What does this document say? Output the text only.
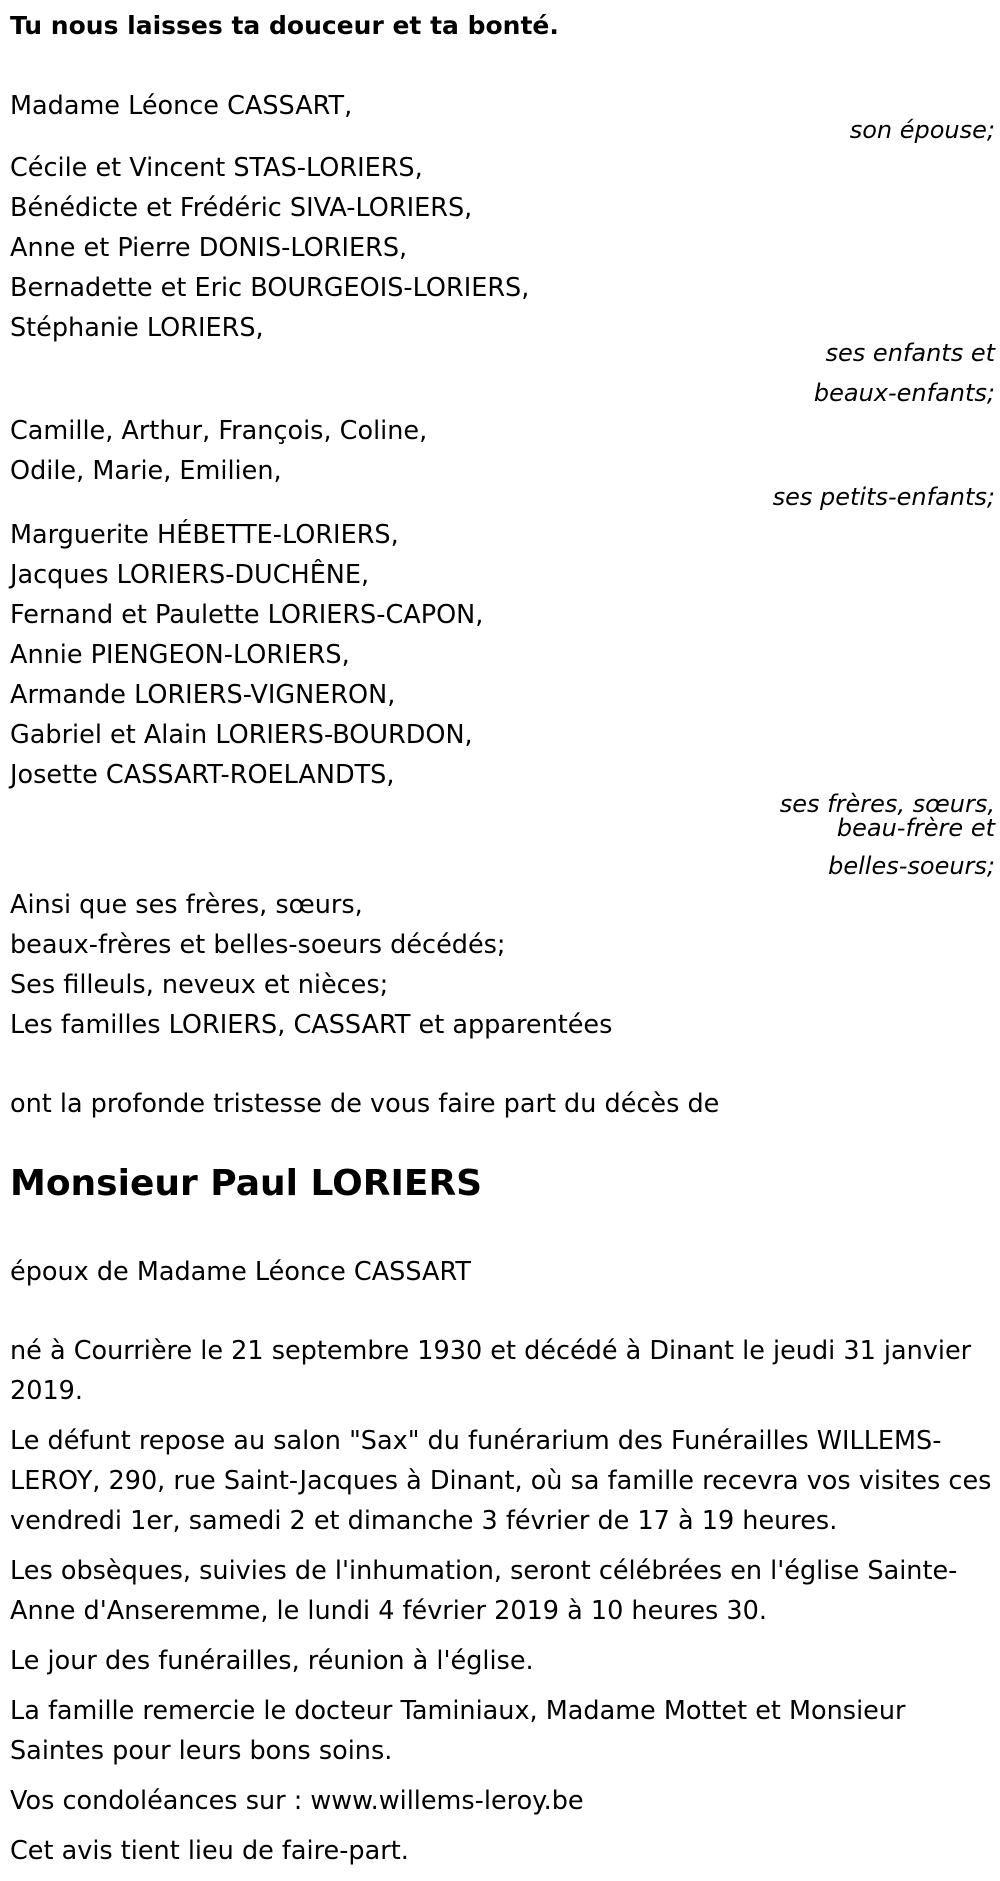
Tu nous laisses ta douceur et ta bonté.
Madame Léonce CASSART,
son épouse;
Cécile et Vincent STAS-LORIERS,
Bénédicte et Frédéric SIVA-LORIERS,
Anne et Pierre DONIS-LORIERS,
Bernadette et Eric BOURGEOIS-LORIERS,
Stéphanie LORIERS,
ses enfants et
beaux-enfants;
Camille, Arthur, François, Coline,
Odile, Marie, Emilien,
ses petits-enfants;
Marguerite HÉBETTE-LORIERS,
Jacques LORIERS-DUCHÊNE,
Fernand et Paulette LORIERS-CAPON,
Annie PIENGEON-LORIERS,
Armande LORIERS-VIGNERON,
Gabriel et Alain LORIERS-BOURDON,
Josette CASSART-ROELANDTS,
ses frères, sœurs,
beau-frère et
belles-soeurs;
Ainsi que ses frères, sœurs,
beaux-frères et belles-soeurs décédés;
Ses filleuls, neveux et nièces;
Les familles LORIERS, CASSART et apparentées
ont la profonde tristesse de vous faire part du décès de
Monsieur Paul LORIERS
époux de Madame Léonce CASSART
né à Courrière le 21 septembre 1930 et décédé à Dinant le jeudi 31 janvier 2019.
Le défunt repose au salon "Sax" du funérarium des Funérailles WILLEMS-LEROY, 290, rue Saint-Jacques à Dinant, où sa famille recevra vos visites ces vendredi 1er, samedi 2 et dimanche 3 février de 17 à 19 heures.
Les obsèques, suivies de l'inhumation, seront célébrées en l'église Sainte-Anne d'Anseremme, le lundi 4 février 2019 à 10 heures 30.
Le jour des funérailles, réunion à l'église.
La famille remercie le docteur Taminiaux, Madame Mottet et Monsieur Saintes pour leurs bons soins.
Vos condoléances sur : www.willems-leroy.be
Cet avis tient lieu de faire-part.
